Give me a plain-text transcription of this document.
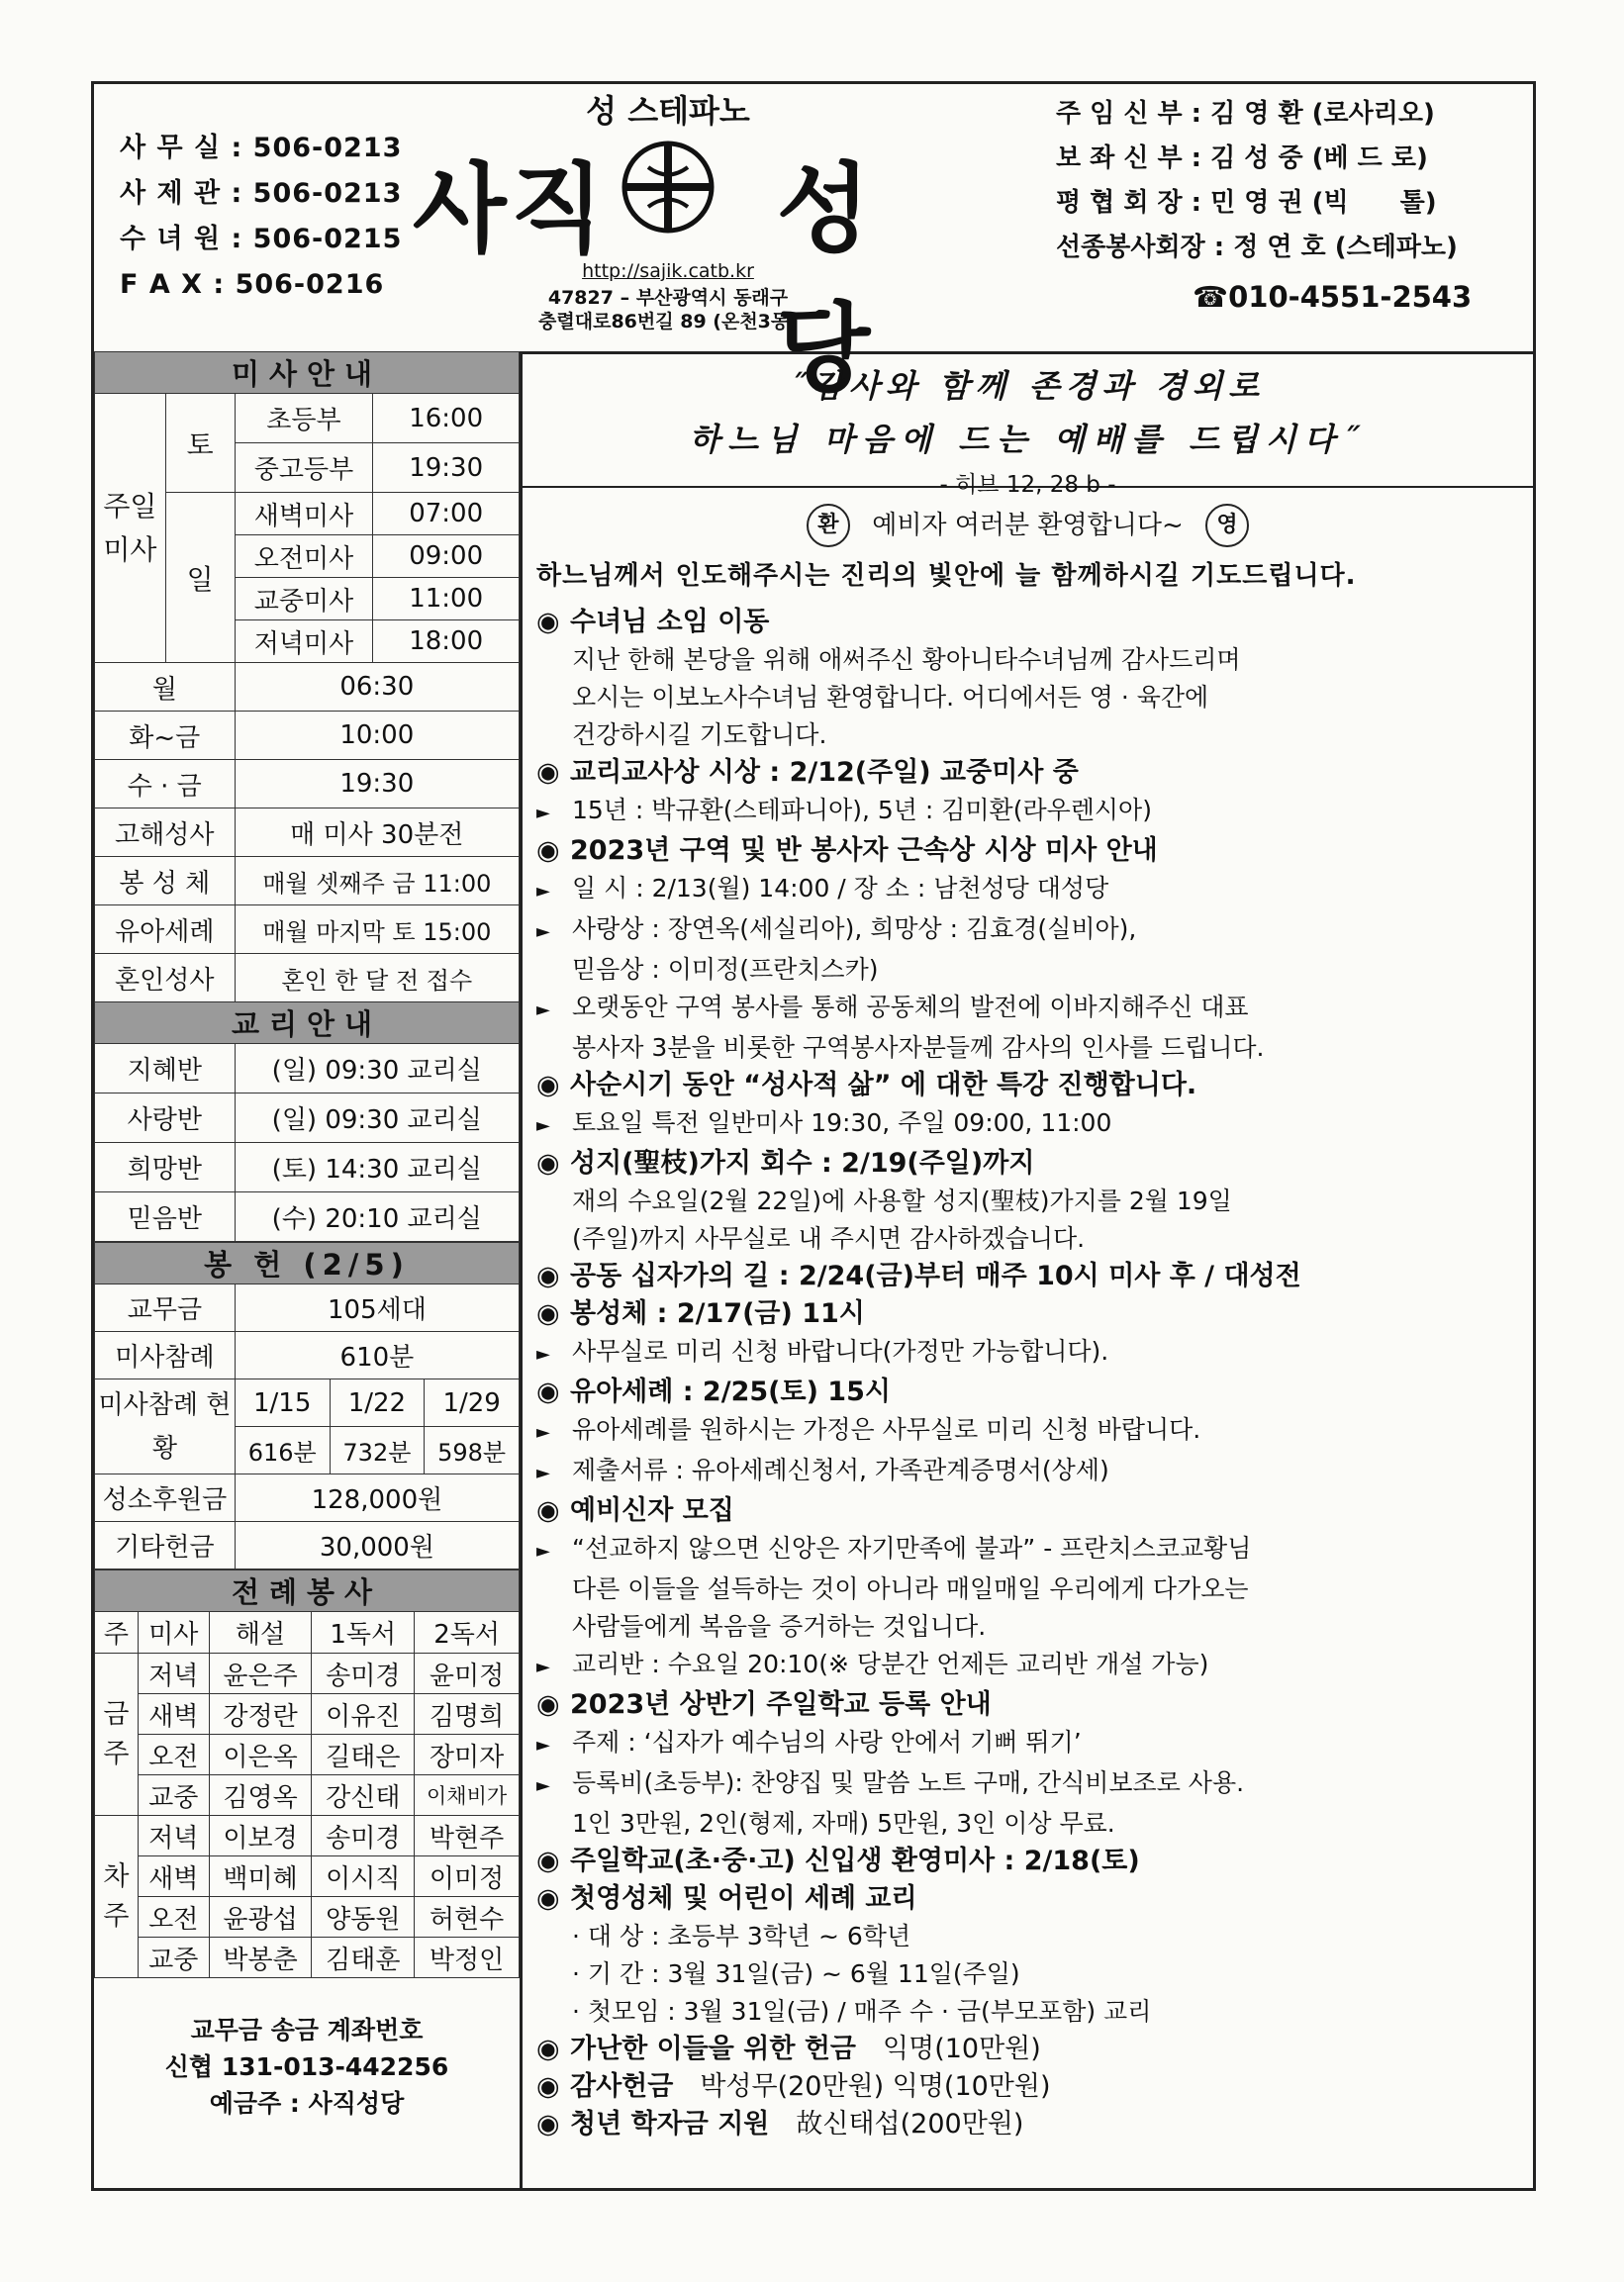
사 무 실 : 506-0213
사 제 관 : 506-0213
수 녀 원 : 506-0215
F A X : 506-0216
성 스테파노
사직	성당
http://sajik.catb.kr
47827 – 부산광역시 동래구
충렬대로86번길 89 (온천3동)
주 임 신 부 : 김 영 환 (로사리오)
보 좌 신 부 : 김 성 중 (베 드 로)
평 협 회 장 : 민 영 권 (빅　　톨)
선종봉사회장 : 정 연 호 (스테파노)
☎010-4551-2543
미사안내			
주일미사	토	초등부	16:00
		중고등부	19:30
	일	새벽미사	07:00
		오전미사	09:00
		교중미사	11:00
		저녁미사	18:00
월		06:30	
화~금		10:00	
수 · 금		19:30	
고해성사		매 미사 30분전	
봉 성 체		매월 셋째주 금 11:00	
유아세례		매월 마지막 토 15:00	
혼인성사		혼인 한 달 전 접수	
교리안내			
지혜반		(일) 09:30 교리실	
사랑반		(일) 09:30 교리실	
희망반		(토) 14:30 교리실	
믿음반		(수) 20:10 교리실	
봉 헌 (2/5)			
교무금	105세대		
미사참례	610분		
미사참례 현황	1/15	1/22	1/29
	616분	732분	598분
성소후원금	128,000원		
기타헌금	30,000원		
전례봉사				
주	미사	해설	1독서	2독서
금주	저녁	윤은주	송미경	윤미정
	새벽	강정란	이유진	김명희
	오전	이은옥	길태은	장미자
	교중	김영옥	강신태	이채비가
차주	저녁	이보경	송미경	박현주
	새벽	백미혜	이시직	이미정
	오전	윤광섭	양동원	허현수
	교중	박봉춘	김태훈	박정인
교무금 송금 계좌번호
신협 131-013-442256
예금주 : 사직성당
˝감사와 함께 존경과 경외로
하느님 마음에 드는 예배를 드립시다˝
- 히브 12, 28 b -
환 예비자 여러분 환영합니다~ 영
하느님께서 인도해주시는 진리의 빛안에 늘 함께하시길 기도드립니다.
◉ 수녀님 소임 이동
지난 한해 본당을 위해 애써주신 황아니타수녀님께 감사드리며
오시는 이보노사수녀님 환영합니다. 어디에서든 영 · 육간에
건강하시길 기도합니다.
◉ 교리교사상 시상 : 2/12(주일) 교중미사 중
► 15년 : 박규환(스테파니아), 5년 : 김미환(라우렌시아)
◉ 2023년 구역 및 반 봉사자 근속상 시상 미사 안내
► 일 시 : 2/13(월) 14:00 / 장 소 : 남천성당 대성당
► 사랑상 : 장연옥(세실리아), 희망상 : 김효경(실비아),
믿음상 : 이미정(프란치스카)
► 오랫동안 구역 봉사를 통해 공동체의 발전에 이바지해주신 대표
봉사자 3분을 비롯한 구역봉사자분들께 감사의 인사를 드립니다.
◉ 사순시기 동안 “성사적 삶” 에 대한 특강 진행합니다.
► 토요일 특전 일반미사 19:30, 주일 09:00, 11:00
◉ 성지(聖枝)가지 회수 : 2/19(주일)까지
재의 수요일(2월 22일)에 사용할 성지(聖枝)가지를 2월 19일
(주일)까지 사무실로 내 주시면 감사하겠습니다.
◉ 공동 십자가의 길 : 2/24(금)부터 매주 10시 미사 후 / 대성전
◉ 봉성체 : 2/17(금) 11시
► 사무실로 미리 신청 바랍니다(가정만 가능합니다).
◉ 유아세례 : 2/25(토) 15시
► 유아세례를 원하시는 가정은 사무실로 미리 신청 바랍니다.
► 제출서류 : 유아세례신청서, 가족관계증명서(상세)
◉ 예비신자 모집
► “선교하지 않으면 신앙은 자기만족에 불과” - 프란치스코교황님
다른 이들을 설득하는 것이 아니라 매일매일 우리에게 다가오는
사람들에게 복음을 증거하는 것입니다.
► 교리반 : 수요일 20:10(※ 당분간 언제든 교리반 개설 가능)
◉ 2023년 상반기 주일학교 등록 안내
► 주제 : ‘십자가 예수님의 사랑 안에서 기뻐 뛰기’
► 등록비(초등부): 찬양집 및 말씀 노트 구매, 간식비보조로 사용.
1인 3만원, 2인(형제, 자매) 5만원, 3인 이상 무료.
◉ 주일학교(초·중·고) 신입생 환영미사 : 2/18(토)
◉ 첫영성체 및 어린이 세례 교리
· 대 상 : 초등부 3학년 ~ 6학년
· 기 간 : 3월 31일(금) ~ 6월 11일(주일)
· 첫모임 : 3월 31일(금) / 매주 수 · 금(부모포함) 교리
◉ 가난한 이들을 위한 헌금　익명(10만원)
◉ 감사헌금　박성무(20만원) 익명(10만원)
◉ 청년 학자금 지원　故신태섭(200만원)
